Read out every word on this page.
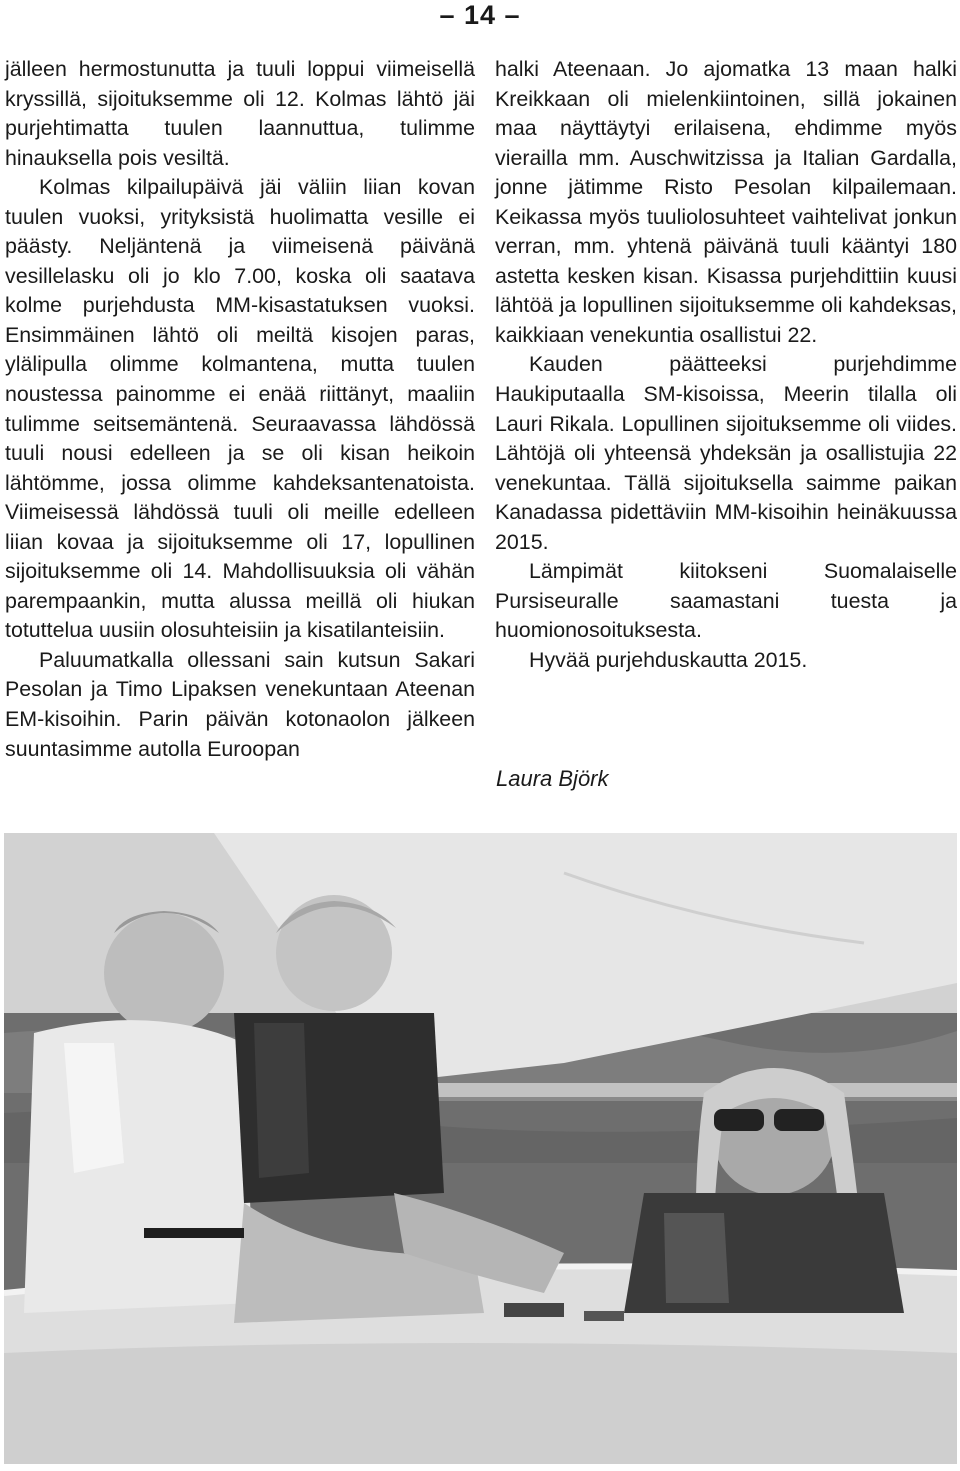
– 14 –

jälleen hermostunutta ja tuuli loppui viimeisellä kryssillä, sijoituksemme oli 12. Kolmas lähtö jäi purjehtimatta tuulen laannuttua, tulimme hinauksella pois vesiltä.

Kolmas kilpailupäivä jäi väliin liian kovan tuulen vuoksi, yrityksistä huolimatta vesille ei päästy. Neljäntenä ja viimeisenä päivänä vesillelasku oli jo klo 7.00, koska oli saatava kolme purjehdusta MM-kisastatuksen vuoksi. Ensimmäinen lähtö oli meiltä kisojen paras, ylälipulla olimme kolmantena, mutta tuulen noustessa painomme ei enää riittänyt, maaliin tulimme seitsemäntenä. Seuraavassa lähdössä tuuli nousi edelleen ja se oli kisan heikoin lähtömme, jossa olimme kahdeksantenatoista. Viimeisessä lähdössä tuuli oli meille edelleen liian kovaa ja sijoituksemme oli 17, lopullinen sijoituksemme oli 14. Mahdollisuuksia oli vähän parempaankin, mutta alussa meillä oli hiukan totuttelua uusiin olosuhteisiin ja kisatilanteisiin.

Paluumatkalla ollessani sain kutsun Sakari Pesolan ja Timo Lipaksen venekuntaan Ateenan EM-kisoihin. Parin päivän kotonaolon jälkeen suuntasimme autolla Euroopan

halki Ateenaan. Jo ajomatka 13 maan halki Kreikkaan oli mielenkiintoinen, sillä jokainen maa näyttäytyi erilaisena, ehdimme myös vierailla mm. Auschwitzissa ja Italian Gardalla, jonne jätimme Risto Pesolan kilpailemaan. Keikassa myös tuuliolosuhteet vaihtelivat jonkun verran, mm. yhtenä päivänä tuuli kääntyi 180 astetta kesken kisan. Kisassa purjehdittiin kuusi lähtöä ja lopullinen sijoituksemme oli kahdeksas, kaikkiaan venekuntia osallistui 22.

Kauden päätteeksi purjehdimme Haukiputaalla SM-kisoissa, Meerin tilalla oli Lauri Rikala. Lopullinen sijoituksemme oli viides. Lähtöjä oli yhteensä yhdeksän ja osallistujia 22 venekuntaa. Tällä sijoituksella saimme paikan Kanadassa pidettäviin MM-kisoihin heinäkuussa 2015.

Lämpimät kiitokseni Suomalaiselle Pursiseuralle saamastani tuesta ja huomionosoituksesta.

Hyvää purjehduskautta 2015.

Laura Björk
